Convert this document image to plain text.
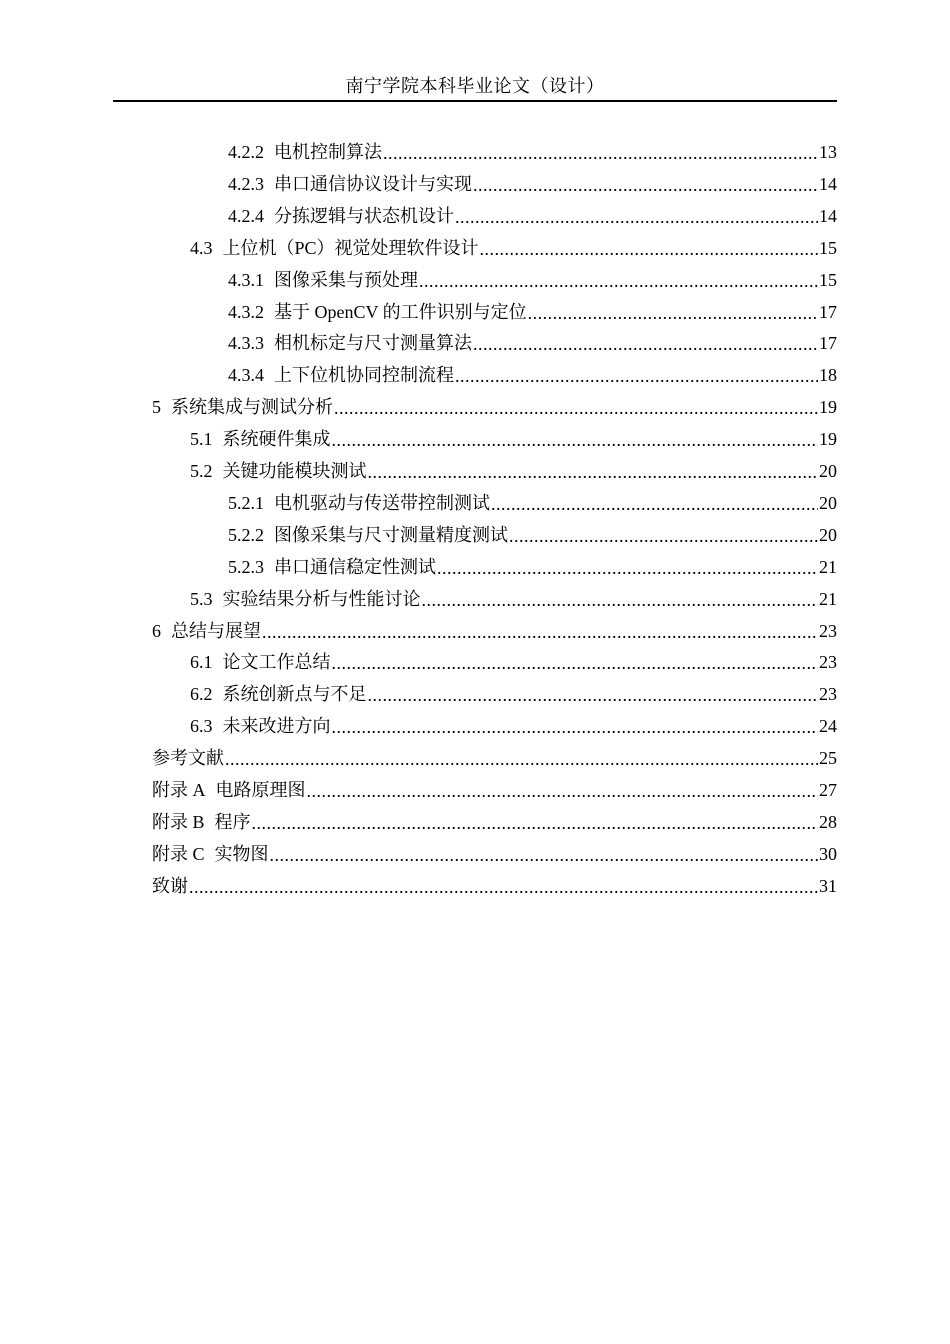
南宁学院本科毕业论文（设计）
4.2.2 电机控制算法 .....	13
4.2.3 串口通信协议设计与实现 .....	14
4.2.4 分拣逻辑与状态机设计 .....	14
4.3 上位机（PC）视觉处理软件设计 .....	15
4.3.1 图像采集与预处理 .....	15
4.3.2 基于 OpenCV 的工件识别与定位 .....	17
4.3.3 相机标定与尺寸测量算法 .....	17
4.3.4 上下位机协同控制流程 .....	18
5 系统集成与测试分析 .....	19
5.1 系统硬件集成 .....	19
5.2 关键功能模块测试 .....	20
5.2.1 电机驱动与传送带控制测试 .....	20
5.2.2 图像采集与尺寸测量精度测试 .....	20
5.2.3 串口通信稳定性测试 .....	21
5.3 实验结果分析与性能讨论 .....	21
6 总结与展望 .....	23
6.1 论文工作总结 .....	23
6.2 系统创新点与不足 .....	23
6.3 未来改进方向 .....	24
参考文献 .....	25
附录 A 电路原理图 .....	27
附录 B 程序 .....	28
附录 C 实物图 .....	30
致谢 .....	31
